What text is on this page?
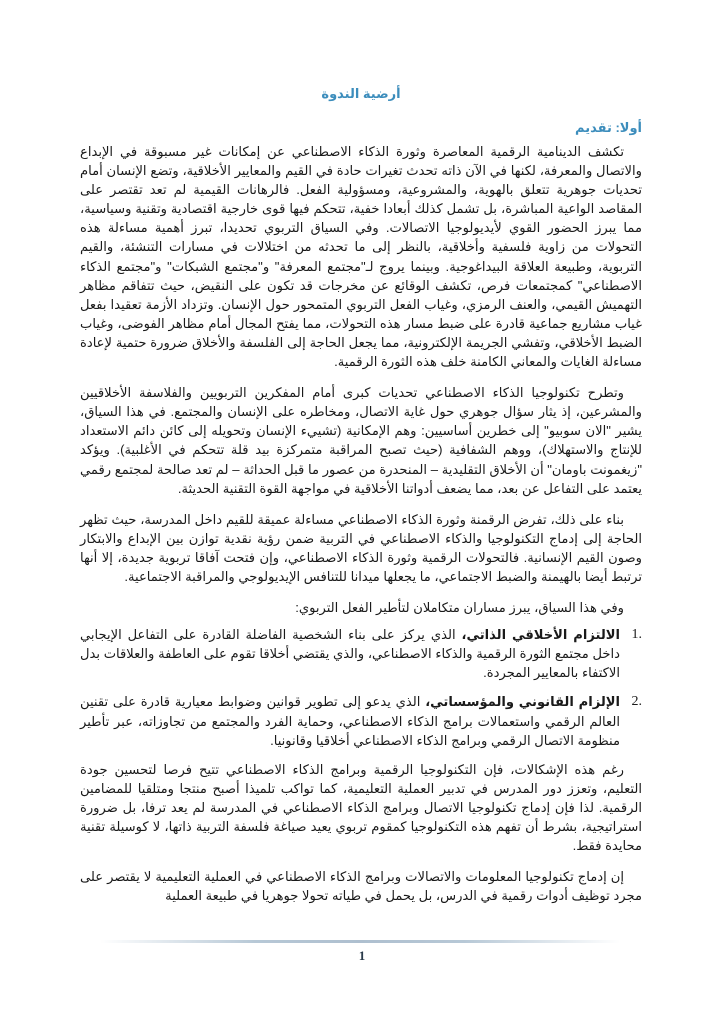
أرضية الندوة
أولا: تقديم

تكشف الدينامية الرقمية المعاصرة وثورة الذكاء الاصطناعي عن إمكانات غير مسبوقة في الإبداع والاتصال والمعرفة، لكنها في الآن ذاته تحدث تغيرات حادة في القيم والمعايير الأخلاقية، وتضع الإنسان أمام تحديات جوهرية تتعلق بالهوية، والمشروعية، ومسؤولية الفعل. فالرهانات القيمية لم تعد تقتصر على المقاصد الواعية المباشرة، بل تشمل كذلك أبعادا خفية، تتحكم فيها قوى خارجية اقتصادية وتقنية وسياسية، مما يبرز الحضور القوي لأيديولوجيا الاتصالات. وفي السياق التربوي تحديدا، تبرز أهمية مساءلة هذه التحولات من زاوية فلسفية وأخلاقية، بالنظر إلى ما تحدثه من اختلالات في مسارات التنشئة، والقيم التربوية، وطبيعة العلاقة البيداغوجية. وبينما يروج لـ"مجتمع المعرفة" و"مجتمع الشبكات" و"مجتمع الذكاء الاصطناعي" كمجتمعات فرص، تكشف الوقائع عن مخرجات قد تكون على النقيض، حيث تتفاقم مظاهر التهميش القيمي، والعنف الرمزي، وغياب الفعل التربوي المتمحور حول الإنسان. وتزداد الأزمة تعقيدا بفعل غياب مشاريع جماعية قادرة على ضبط مسار هذه التحولات، مما يفتح المجال أمام مظاهر الفوضى، وغياب الضبط الأخلاقي، وتفشي الجريمة الإلكترونية، مما يجعل الحاجة إلى الفلسفة والأخلاق ضرورة حتمية لإعادة مساءلة الغايات والمعاني الكامنة خلف هذه الثورة الرقمية.

وتطرح تكنولوجيا الذكاء الاصطناعي تحديات كبرى أمام المفكرين التربويين والفلاسفة الأخلاقيين والمشرعين، إذ يثار سؤال جوهري حول غاية الاتصال، ومخاطره على الإنسان والمجتمع. في هذا السياق، يشير "الان سوبيو" إلى خطرين أساسيين: وهم الإمكانية (تشييء الإنسان وتحويله إلى كائن دائم الاستعداد للإنتاج والاستهلاك)، ووهم الشفافية (حيث تصبح المراقبة متمركزة بيد قلة تتحكم في الأغلبية). ويؤكد "زيغمونت باومان" أن الأخلاق التقليدية – المنحدرة من عصور ما قبل الحداثة – لم تعد صالحة لمجتمع رقمي يعتمد على التفاعل عن بعد، مما يضعف أدواتنا الأخلاقية في مواجهة القوة التقنية الحديثة.

بناء على ذلك، تفرض الرقمنة وثورة الذكاء الاصطناعي مساءلة عميقة للقيم داخل المدرسة، حيث تظهر الحاجة إلى إدماج التكنولوجيا والذكاء الاصطناعي في التربية ضمن رؤية نقدية توازن بين الإبداع والابتكار وصون القيم الإنسانية. فالتحولات الرقمية وثورة الذكاء الاصطناعي، وإن فتحت آفاقا تربوية جديدة، إلا أنها ترتبط أيضا بالهيمنة والضبط الاجتماعي، ما يجعلها ميدانا للتنافس الإيديولوجي والمراقبة الاجتماعية.

وفي هذا السياق، يبرز مساران متكاملان لتأطير الفعل التربوي:

1.
الالتزام الأخلاقي الذاتي، الذي يركز على بناء الشخصية الفاضلة القادرة على التفاعل الإيجابي داخل مجتمع الثورة الرقمية والذكاء الاصطناعي، والذي يقتضي أخلاقا تقوم على العاطفة والعلاقات بدل الاكتفاء بالمعايير المجردة.
2.
الإلزام القانوني والمؤسساتي، الذي يدعو إلى تطوير قوانين وضوابط معيارية قادرة على تقنين العالم الرقمي واستعمالات برامج الذكاء الاصطناعي، وحماية الفرد والمجتمع من تجاوزاته، عبر تأطير منظومة الاتصال الرقمي وبرامج الذكاء الاصطناعي أخلاقيا وقانونيا.

رغم هذه الإشكالات، فإن التكنولوجيا الرقمية وبرامج الذكاء الاصطناعي تتيح فرصا لتحسين جودة التعليم، وتعزز دور المدرس في تدبير العملية التعليمية، كما تواكب تلميذا أصبح منتجا ومتلقيا للمضامين الرقمية. لذا فإن إدماج تكنولوجيا الاتصال وبرامج الذكاء الاصطناعي في المدرسة لم يعد ترفا، بل ضرورة استراتيجية، بشرط أن تفهم هذه التكنولوجيا كمقوم تربوي يعيد صياغة فلسفة التربية ذاتها، لا كوسيلة تقنية محايدة فقط.

إن إدماج تكنولوجيا المعلومات والاتصالات وبرامج الذكاء الاصطناعي في العملية التعليمية لا يقتصر على مجرد توظيف أدوات رقمية في الدرس، بل يحمل في طياته تحولا جوهريا في طبيعة العملية

1
